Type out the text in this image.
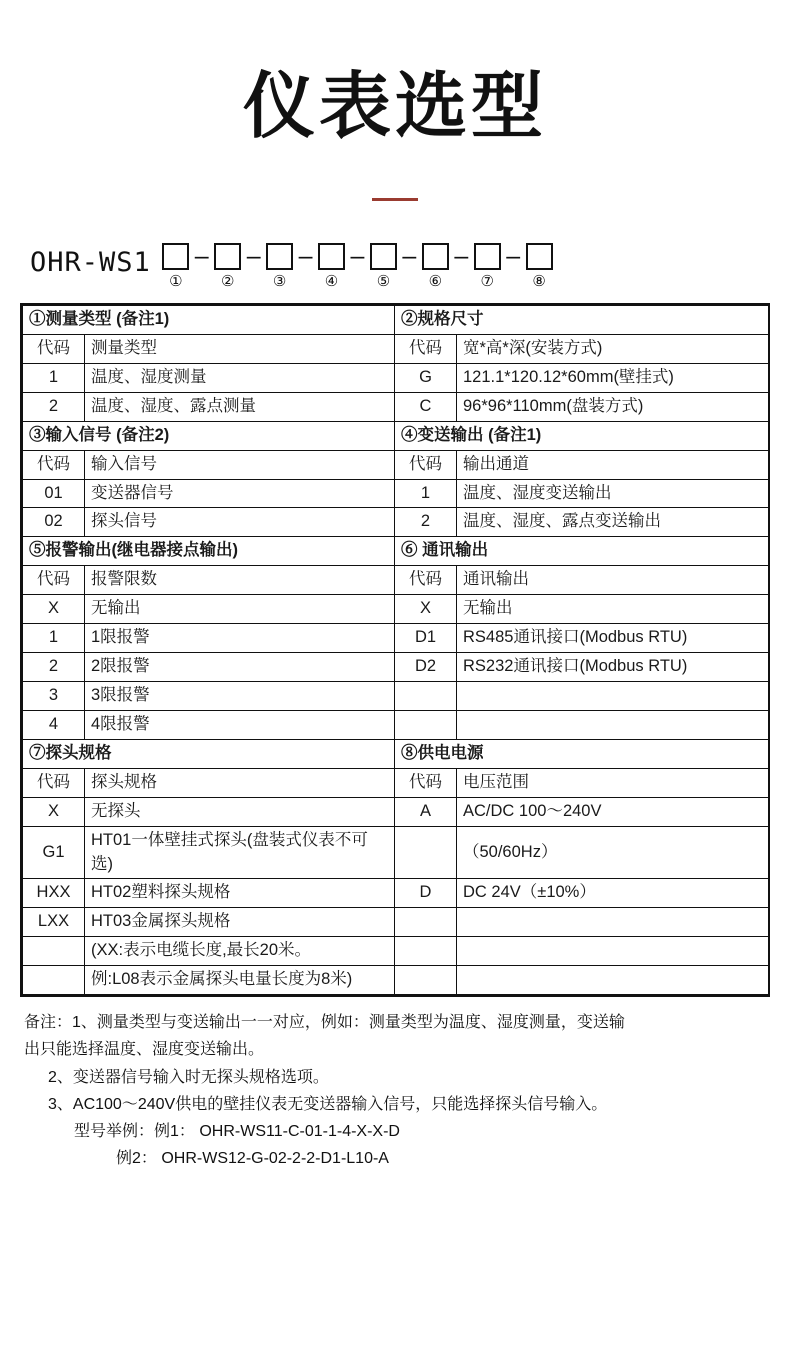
仪表选型
OHR-WS1
①
–
②
–
③
–
④
–
⑤
–
⑥
–
⑦
–
⑧
①测量类型 (备注1)		②规格尺寸	
代码	测量类型	代码	宽*高*深(安装方式)
1	温度、湿度测量	G	121.1*120.12*60mm(壁挂式)
2	温度、湿度、露点测量	C	96*96*110mm(盘装方式)
③输入信号 (备注2)		④变送输出 (备注1)	
代码	输入信号	代码	输出通道
01	变送器信号	1	温度、湿度变送输出
02	探头信号	2	温度、湿度、露点变送输出
⑤报警输出(继电器接点输出)		⑥ 通讯输出	
代码	报警限数	代码	通讯输出
X	无输出	X	无输出
1	1限报警	D1	RS485通讯接口(Modbus RTU)
2	2限报警	D2	RS232通讯接口(Modbus RTU)
3	3限报警		
4	4限报警		
⑦探头规格		⑧供电电源	
代码	探头规格	代码	电压范围
X	无探头	A	AC/DC 100～240V
G1	HT01一体壁挂式探头(盘装式仪表不可选)		（50/60Hz）
HXX	HT02塑料探头规格	D	DC 24V（±10%）
LXX	HT03金属探头规格		
	(XX:表示电缆长度,最长20米。		
	例:L08表示金属探头电量长度为8米)		

备注：1、测量类型与变送输出一一对应，例如：测量类型为温度、湿度测量，变送输

出只能选择温度、湿度变送输出。

2、变送器信号输入时无探头规格选项。

3、AC100～240V供电的壁挂仪表无变送器输入信号，只能选择探头信号输入。

型号举例：例1： OHR-WS11-C-01-1-4-X-X-D

例2： OHR-WS12-G-02-2-2-D1-L10-A
